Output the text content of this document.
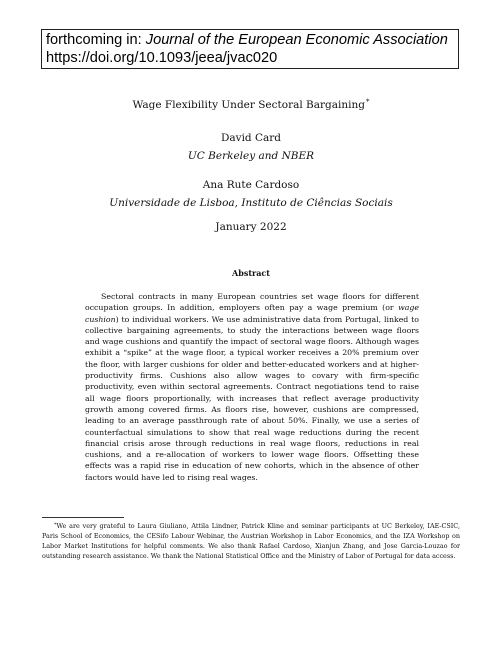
forthcoming in: Journal of the European Economic Association
https://doi.org/10.1093/jeea/jvac020
Wage Flexibility Under Sectoral Bargaining*
David Card
UC Berkeley and NBER
Ana Rute Cardoso
Universidade de Lisboa, Instituto de Ciências Sociais
January 2022
Abstract

Sectoral contracts in many European countries set wage floors for different occupation groups. In addition, employers often pay a wage premium (or wage cushion) to individual workers. We use administrative data from Portugal, linked to collective bargaining agreements, to study the interactions between wage floors and wage cushions and quantify the impact of sectoral wage floors. Although wages exhibit a “spike” at the wage floor, a typical worker receives a 20% premium over the floor, with larger cushions for older and better-educated workers and at higher-productivity firms. Cushions also allow wages to covary with firm-specific productivity, even within sectoral agreements. Contract negotiations tend to raise all wage floors proportionally, with increases that reflect average productivity growth among covered firms. As floors rise, however, cushions are compressed, leading to an average passthrough rate of about 50%. Finally, we use a series of counterfactual simulations to show that real wage reductions during the recent financial crisis arose through reductions in real wage floors, reductions in real cushions, and a re-allocation of workers to lower wage floors. Offsetting these effects was a rapid rise in education of new cohorts, which in the absence of other factors would have led to rising real wages.

*We are very grateful to Laura Giuliano, Attila Lindner, Patrick Kline and seminar participants at UC Berkeley, IAE-CSIC, Paris School of Economics, the CESifo Labour Webinar, the Austrian Workshop in Labor Economics, and the IZA Workshop on Labor Market Institutions for helpful comments. We also thank Rafael Cardoso, Xianjun Zhang, and Jose Garcia-Louzao for outstanding research assistance. We thank the National Statistical Office and the Ministry of Labor of Portugal for data access.
